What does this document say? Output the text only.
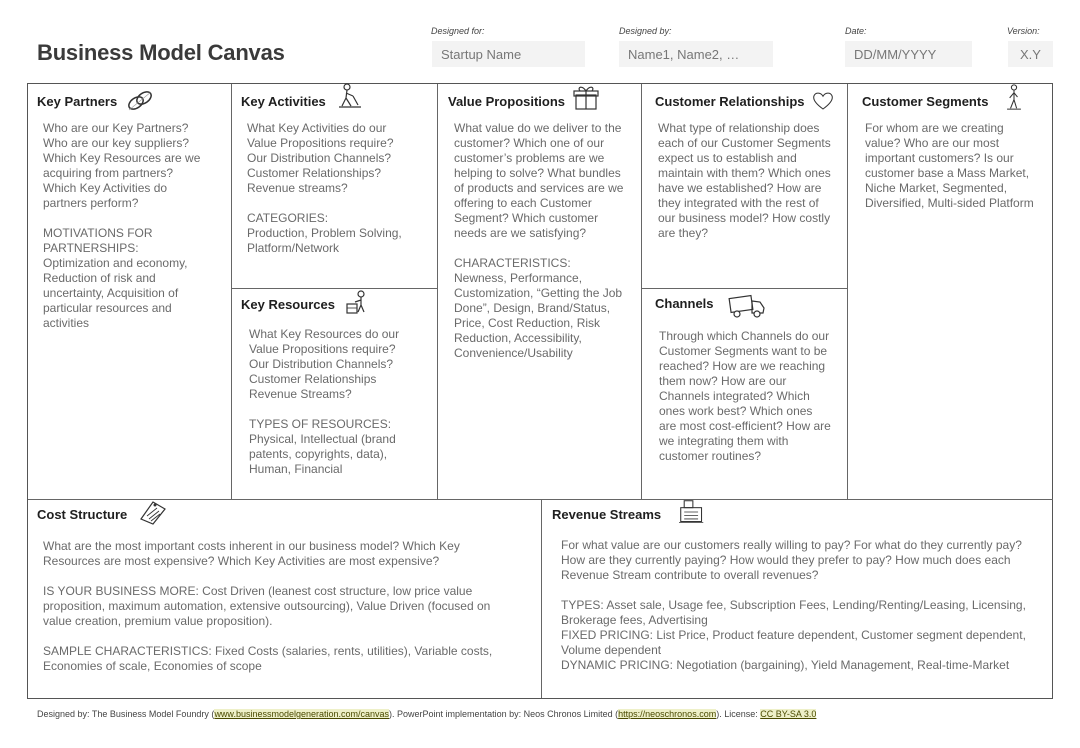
Business Model Canvas
Designed for:
Startup Name	Designed by:
Name1, Name2, …	Date:
DD/MM/YYYY	Version:
X.Y
Key Partners
Who are our Key Partners?
Who are our key suppliers?
Which Key Resources are we acquiring from partners?
Which Key Activities do partners perform?

MOTIVATIONS FOR PARTNERSHIPS:
Optimization and economy, Reduction of risk and uncertainty, Acquisition of particular resources and activities
Key Activities
What Key Activities do our Value Propositions require?
Our Distribution Channels?
Customer Relationships?
Revenue streams?

CATEGORIES:
Production, Problem Solving, Platform/Network
Key Resources
What Key Resources do our Value Propositions require?
Our Distribution Channels?
Customer Relationships
Revenue Streams?

TYPES OF RESOURCES:
Physical, Intellectual (brand patents, copyrights, data), Human, Financial
Value Propositions
What value do we deliver to the customer? Which one of our customer’s problems are we helping to solve? What bundles of products and services are we offering to each Customer Segment? Which customer needs are we satisfying?

CHARACTERISTICS:
Newness, Performance, Customization, “Getting the Job Done”, Design, Brand/Status, Price, Cost Reduction, Risk Reduction, Accessibility, Convenience/Usability
Customer Relationships
What type of relationship does each of our Customer Segments expect us to establish and maintain with them? Which ones have we established? How are they integrated with the rest of our business model? How costly are they?
Channels
Through which Channels do our Customer Segments want to be reached? How are we reaching them now? How are our Channels integrated? Which ones work best? Which ones are most cost-efficient? How are we integrating them with customer routines?
Customer Segments
For whom are we creating value? Who are our most important customers? Is our customer base a Mass Market, Niche Market, Segmented, Diversified, Multi-sided Platform
Cost Structure
What are the most important costs inherent in our business model? Which Key Resources are most expensive? Which Key Activities are most expensive?

IS YOUR BUSINESS MORE: Cost Driven (leanest cost structure, low price value proposition, maximum automation, extensive outsourcing), Value Driven (focused on value creation, premium value proposition).

SAMPLE CHARACTERISTICS: Fixed Costs (salaries, rents, utilities), Variable costs, Economies of scale, Economies of scope
Revenue Streams
For what value are our customers really willing to pay? For what do they currently pay? How are they currently paying? How would they prefer to pay? How much does each Revenue Stream contribute to overall revenues?

TYPES: Asset sale, Usage fee, Subscription Fees, Lending/Renting/Leasing, Licensing, Brokerage fees, Advertising
FIXED PRICING: List Price, Product feature dependent, Customer segment dependent, Volume dependent
DYNAMIC PRICING: Negotiation (bargaining), Yield Management, Real-time-Market
Designed by: The Business Model Foundry (www.businessmodelgeneration.com/canvas). PowerPoint implementation by: Neos Chronos Limited (https://neoschronos.com). License: CC BY-SA 3.0
